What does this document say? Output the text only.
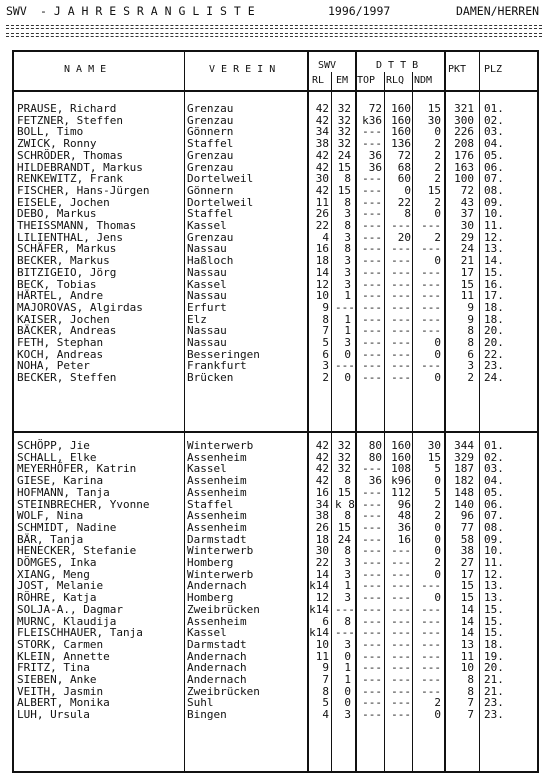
SWV - J A H R E S R A N G L I S T E	1996/1997	DAMEN/HERREN
N A M E	V E R E I N	SWV
RL EM
D T T B
TOP RLQ NDM
PKT PLZ
PRAUSE, Richard	Grenzau	42 32	72 160	15	321 01.
FETZNER, Steffen	Grenzau	42 32	k36 160	30	300 02.
BOLL, Timo	Gönnern	34 32	--- 160	0	226 03.
ZWICK, Ronny	Staffel	38 32	--- 136	2	208 04.
SCHRÖDER, Thomas	Grenzau	42 24	36	72	2	176 05.
HILDEBRANDT, Markus	Grenzau	42 15	36	68	2	163 06.
RENKEWITZ, Frank	Dortelweil	30	8	---	60	2	100 07.
FISCHER, Hans-Jürgen	Gönnern	42 15	---	0	15	72 08.
EISELE, Jochen	Dortelweil	11	8	---	22	2	43 09.
DEBO, Markus	Staffel	26	3	---	8	0	37 10.
THEISSMANN, Thomas	Kassel	22	8	--- --- ---	30 11.
LILIENTHAL, Jens	Grenzau	4	3	---	20	2	29 12.
SCHÄFER, Markus	Nassau	16	8	--- --- ---	24 13.
BECKER, Markus	Haßloch	18	3	--- ---	0	21 14.
BITZIGEIO, Jörg	Nassau	14	3	--- --- ---	17 15.
BECK, Tobias	Kassel	12	3	--- --- ---	15 16.
HÄRTEL, Andre	Nassau	10	1	--- --- ---	11 17.
MAJOROVAS, Algirdas	Erfurt	9 --- --- --- ---	9 18.
KAISER, Jochen	Elz	8	1	--- --- ---	9 18.
BÄCKER, Andreas	Nassau	7	1	--- --- ---	8 20.
FETH, Stephan	Nassau	5	3	--- ---	0	8 20.
KOCH, Andreas	Besseringen	6	0	--- ---	0	6 22.
NOHA, Peter	Frankfurt	3 --- --- --- ---	3 23.
BECKER, Steffen	Brücken	2	0	--- ---	0	2 24.
SCHÖPP, Jie	Winterwerb	42 32	80 160	30	344 01.
SCHALL, Elke	Assenheim	42 32	80 160	15	329 02.
MEYERHÖFER, Katrin	Kassel	42 32	--- 108	5	187 03.
GIESE, Karina	Assenheim	42	8	36 k96	0	182 04.
HOFMANN, Tanja	Assenheim	16 15	--- 112	5	148 05.
STEINBRECHER, Yvonne	Staffel	34 k 8 ---	96	2	140 06.
WOLF, Nina	Assenheim	38	8	---	48	2	96 07.
SCHMIDT, Nadine	Assenheim	26 15	---	36	0	77 08.
BÄR, Tanja	Darmstadt	18 24	---	16	0	58 09.
HENECKER, Stefanie	Winterwerb	30	8	--- ---	0	38 10.
DÖMGES, Inka	Homberg	22	3	--- ---	2	27 11.
XIANG, Meng	Winterwerb	14	3	--- ---	0	17 12.
JOST, Melanie	Andernach	k14	1	--- --- ---	15 13.
RÖHRE, Katja	Homberg	12	3	--- ---	0	15 13.
SOLJA-A., Dagmar	Zweibrücken	k14 --- --- --- ---	14 15.
MURNC, Klaudija	Assenheim	6	8	--- --- ---	14 15.
FLEISCHHAUER, Tanja	Kassel	k14 --- --- --- ---	14 15.
STORK, Carmen	Darmstadt	10	3	--- --- ---	13 18.
KLEIN, Annette	Andernach	11	0	--- --- ---	11 19.
FRITZ, Tina	Andernach	9	1	--- --- ---	10 20.
SIEBEN, Anke	Andernach	7	1	--- --- ---	8 21.
VEITH, Jasmin	Zweibrücken	8	0	--- --- ---	8 21.
ALBERT, Monika	Suhl	5	0	--- ---	2	7 23.
LUH, Ursula	Bingen	4	3	--- ---	0	7 23.
